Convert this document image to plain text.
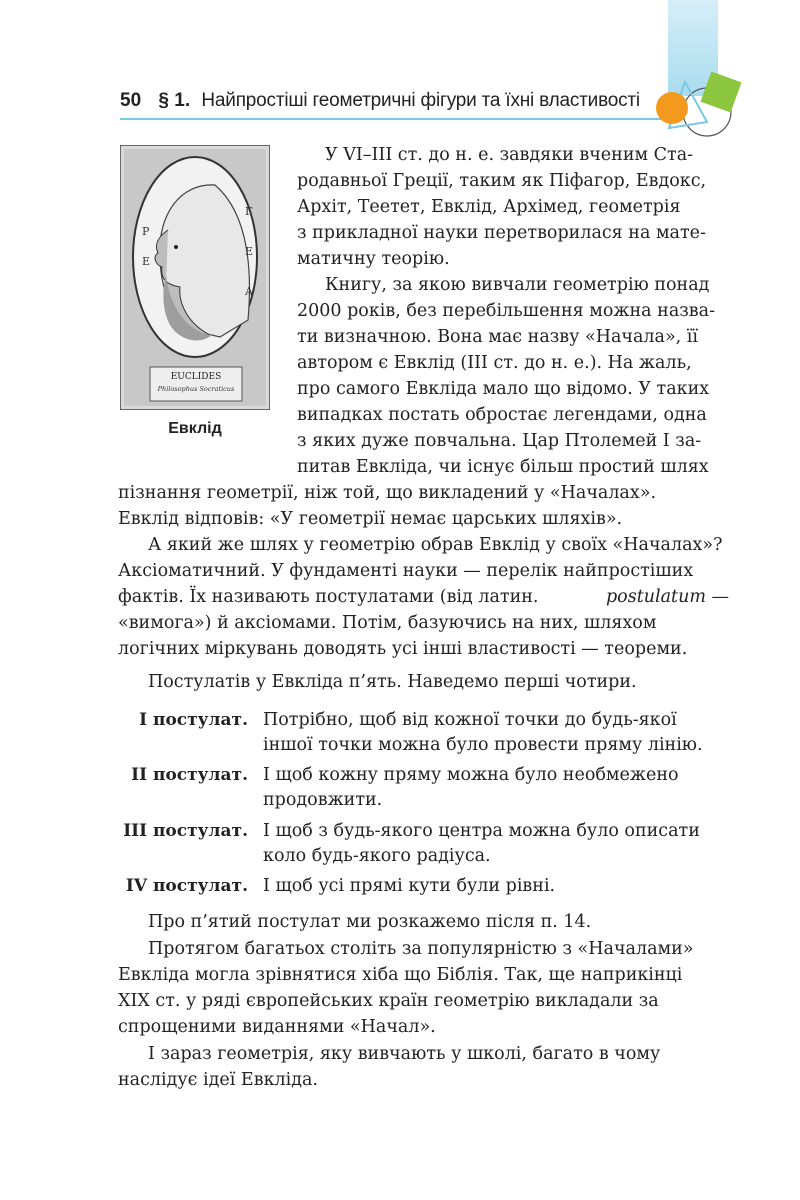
50 § 1. Найпростіші геометричні фігури та їхні властивості
P
Ε
Γ
Ε
Α
EUCLIDES
Philosophus Socraticus
Евклід

У VI–III ст. до н. е. завдяки вченим Ста-

родавньої Греції, таким як Піфагор, Евдокс,

Архіт, Теетет, Евклід, Архімед, геометрія

з прикладної науки перетворилася на мате-

матичну теорію.

Книгу, за якою вивчали геометрію понад

2000 років, без перебільшення можна назва-

ти визначною. Вона має назву «Начала», її

автором є Евклід (III ст. до н. е.). На жаль,

про самого Евкліда мало що відомо. У таких

випадках постать обростає легендами, одна

з яких дуже повчальна. Цар Птолемей I за-

питав Евкліда, чи існує більш простий шлях

пізнання геометрії, ніж той, що викладений у «Началах».

Евклід відповів: «У геометрії немає царських шляхів».

А який же шлях у геометрію обрав Евклід у своїх «Началах»?

Аксіоматичний. У фундаменті науки — перелік найпростіших

фактів. Їх називають постулатами (від латин.	postulatum —

«вимога») й аксіомами. Потім, базуючись на них, шляхом

логічних міркувань доводять усі інші властивості — теореми.

Постулатів у Евкліда п’ять. Наведемо перші чотири.

I постулат. Потрібно, щоб від кожної точки до будь-якої

іншої точки можна було провести пряму лінію.

II постулат. І щоб кожну пряму можна було необмежено

продовжити.

III постулат. І щоб з будь-якого центра можна було описати

коло будь-якого радіуса.

IV постулат. І щоб усі прямі кути були рівні.

Про п’ятий постулат ми розкажемо після п. 14.

Протягом багатьох століть за популярністю з «Началами»

Евкліда могла зрівнятися хіба що Біблія. Так, ще наприкінці

XIX ст. у ряді європейських країн геометрію викладали за

спрощеними виданнями «Начал».

І зараз геометрія, яку вивчають у школі, багато в чому

наслідує ідеї Евкліда.
